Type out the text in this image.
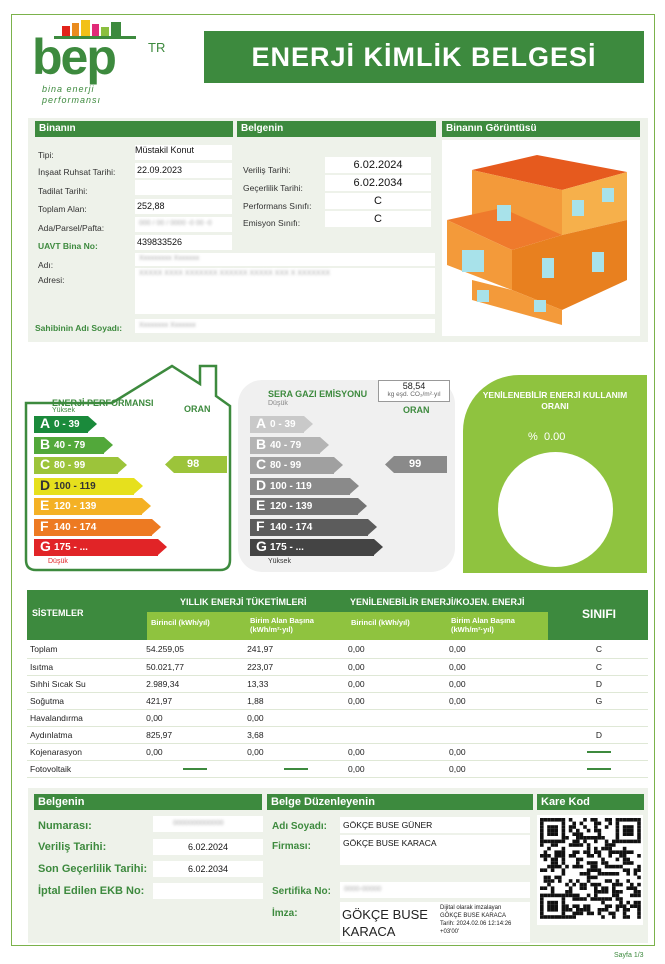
bep	TR
bina enerji
performansı
ENERJİ KİMLİK BELGESİ
Binanın	Belgenin	Binanın Görüntüsü
Tipi:	Müstakil Konut
İnşaat Ruhsat Tarihi: 22.09.2023
Tadilat Tarihi:
Toplam Alan:	252,88
Ada/Parsel/Pafta:	000 / 00 / 0000 -0 00 -0
UAVT Bina No:	439833526
Adı:
Xxxxxxxxx Xxxxxxx
Adresi:
XXXXX XXXX XXXXXXX XXXXXX XXXXX XXX X XXXXXXX
Sahibinin Adı Soyadı: Xxxxxxxx Xxxxxxx
Veriliş Tarihi:	6.02.2024
Geçerlilik Tarihi:	6.02.2034
Performans Sınıfı:	C
Emisyon Sınıfı:	C
ENERJİ PERFORMANSI
Yüksek	ORAN
A 0 - 39
B 40 - 79
C 80 - 99
D 100 - 119
E 120 - 139
F 140 - 174
G 175 - ...
98
Düşük
SERA GAZI EMİSYONU
Düşük
58,54
kg eşd. CO₂/m²·yıl
ORAN
A 0 - 39
B 40 - 79
C 80 - 99
D 100 - 119
E 120 - 139
F 140 - 174
G 175 - ...
99
Yüksek
YENİLENEBİLİR ENERJİ KULLANIM ORANI
% 0.00
SİSTEMLER
YILLIK ENERJİ TÜKETİMLERİ	YENİLENEBİLİR ENERJİ/KOJEN. ENERJİ
SINIFI
Birincil (kWh/yıl)	Birim Alan Başına (kWh/m²·yıl)
Birincil (kWh/yıl)	Birim Alan Başına (kWh/m²·yıl)
Toplam	54.259,05	241,97	0,00	0,00	C
Isıtma	50.021,77	223,07	0,00	0,00	C
Sıhhi Sıcak Su	2.989,34	13,33	0,00	0,00	D
Soğutma	421,97	1,88	0,00	0,00	G
Havalandırma	0,00	0,00			
Aydınlatma	825,97	3,68			D
Kojenarasyon	0,00	0,00	0,00	0,00	
Fotovoltaik			0,00	0,00	
Belgenin	Belge Düzenleyenin	Kare Kod
Numarası:	0000000000000
Veriliş Tarihi:	6.02.2024
Son Geçerlilik Tarihi:	6.02.2034
İptal Edilen EKB No:
Adı Soyadı:	GÖKÇE BUSE GÜNER
Firması:	GÖKÇE BUSE KARACA
Sertifika No: 0000-00000
İmza:	GÖKÇE BUSE
KARACA
Dijital olarak imzalayan
GÖKÇE BUSE KARACA
Tarih: 2024.02.06 12:14:26
+03'00'
Sayfa 1/3
